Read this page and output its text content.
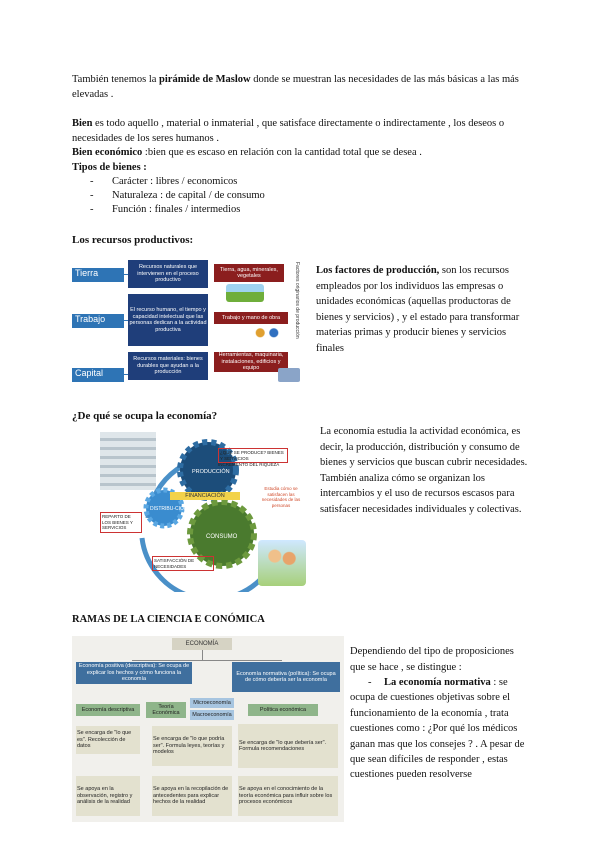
También tenemos la pirámide de Maslow donde se muestran las necesidades de las más básicas a las más elevadas .
Bien es todo aquello , material o inmaterial , que satisface directamente o indirectamente , los deseos o necesidades de los seres humanos .
Bien económico :bien que es escaso en relación con la cantidad total que se desea .
Tipos de bienes :
- Carácter : libres / economicos
- Naturaleza : de capital / de consumo
- Función : finales / intermedios
Los recursos productivos:
Tierra
Trabajo
Capital
Recursos naturales que intervienen en el proceso productivo
El recurso humano, el tiempo y capacidad intelectual que las personas dedican a la actividad productiva
Recursos materiales: bienes durables que ayudan a la producción
Tierra, agua, minerales, vegetales
Trabajo y mano de obra
Herramientas, maquinaria, instalaciones, edificios y equipo
Factores originarios de producción Los factores de producción, son los recursos empleados por los individuos las empresas o unidades económicas (aquellas productoras de bienes y servicios) , y el estado para transformar materias primas y producir bienes y servicios finales
¿De qué se ocupa la economía?
PRODUCCIÓN
DISTRIBU-CIÓN
CONSUMO
FINANCIACIÓN
¿QUÉ SE PRODUCE? BIENES Y SERVICIOS
INCREMENTO DEL RIQUEZA
REPARTO DE LOS BIENES Y SERVICIOS
SATISFACCIÓN DE NECESIDADES
Estudia cómo se satisfacen las necesidades de las personas
La economía estudia la actividad económica, es decir, la producción, distribución y consumo de bienes y servicios que buscan cubrir necesidades. También analiza cómo se organizan los intercambios y el uso de recursos escasos para satisfacer necesidades individuales y colectivas.
RAMAS DE LA CIENCIA E CONÓMICA
ECONOMÍA
Economía positiva (descriptiva): Se ocupa de explicar los hechos y cómo funciona la economía
Economía normativa (política): Se ocupa de cómo debería ser la economía
Economía descriptiva
Teoría Económica
Microeconomía
Macroeconomía
Política económica
Se encarga de "lo que es". Recolección de datos
Se encarga de "lo que podría ser". Formula leyes, teorías y modelos
Se encarga de "lo que debería ser". Formula recomendaciones
Se apoya en la observación, registro y análisis de la realidad
Se apoya en la recopilación de antecedentes para explicar hechos de la realidad
Se apoya en el conocimiento de la teoría económica para influir sobre los procesos económicos
Dependiendo del tipo de proposiciones que se hace , se distingue :
- La economía normativa : se ocupa de cuestiones objetivas sobre el funcionamiento de la economía , trata cuestiones como : ¿Por qué los médicos ganan mas que los consejes ? . A pesar de que sean difíciles de responder , estas cuestiones pueden resolverse
